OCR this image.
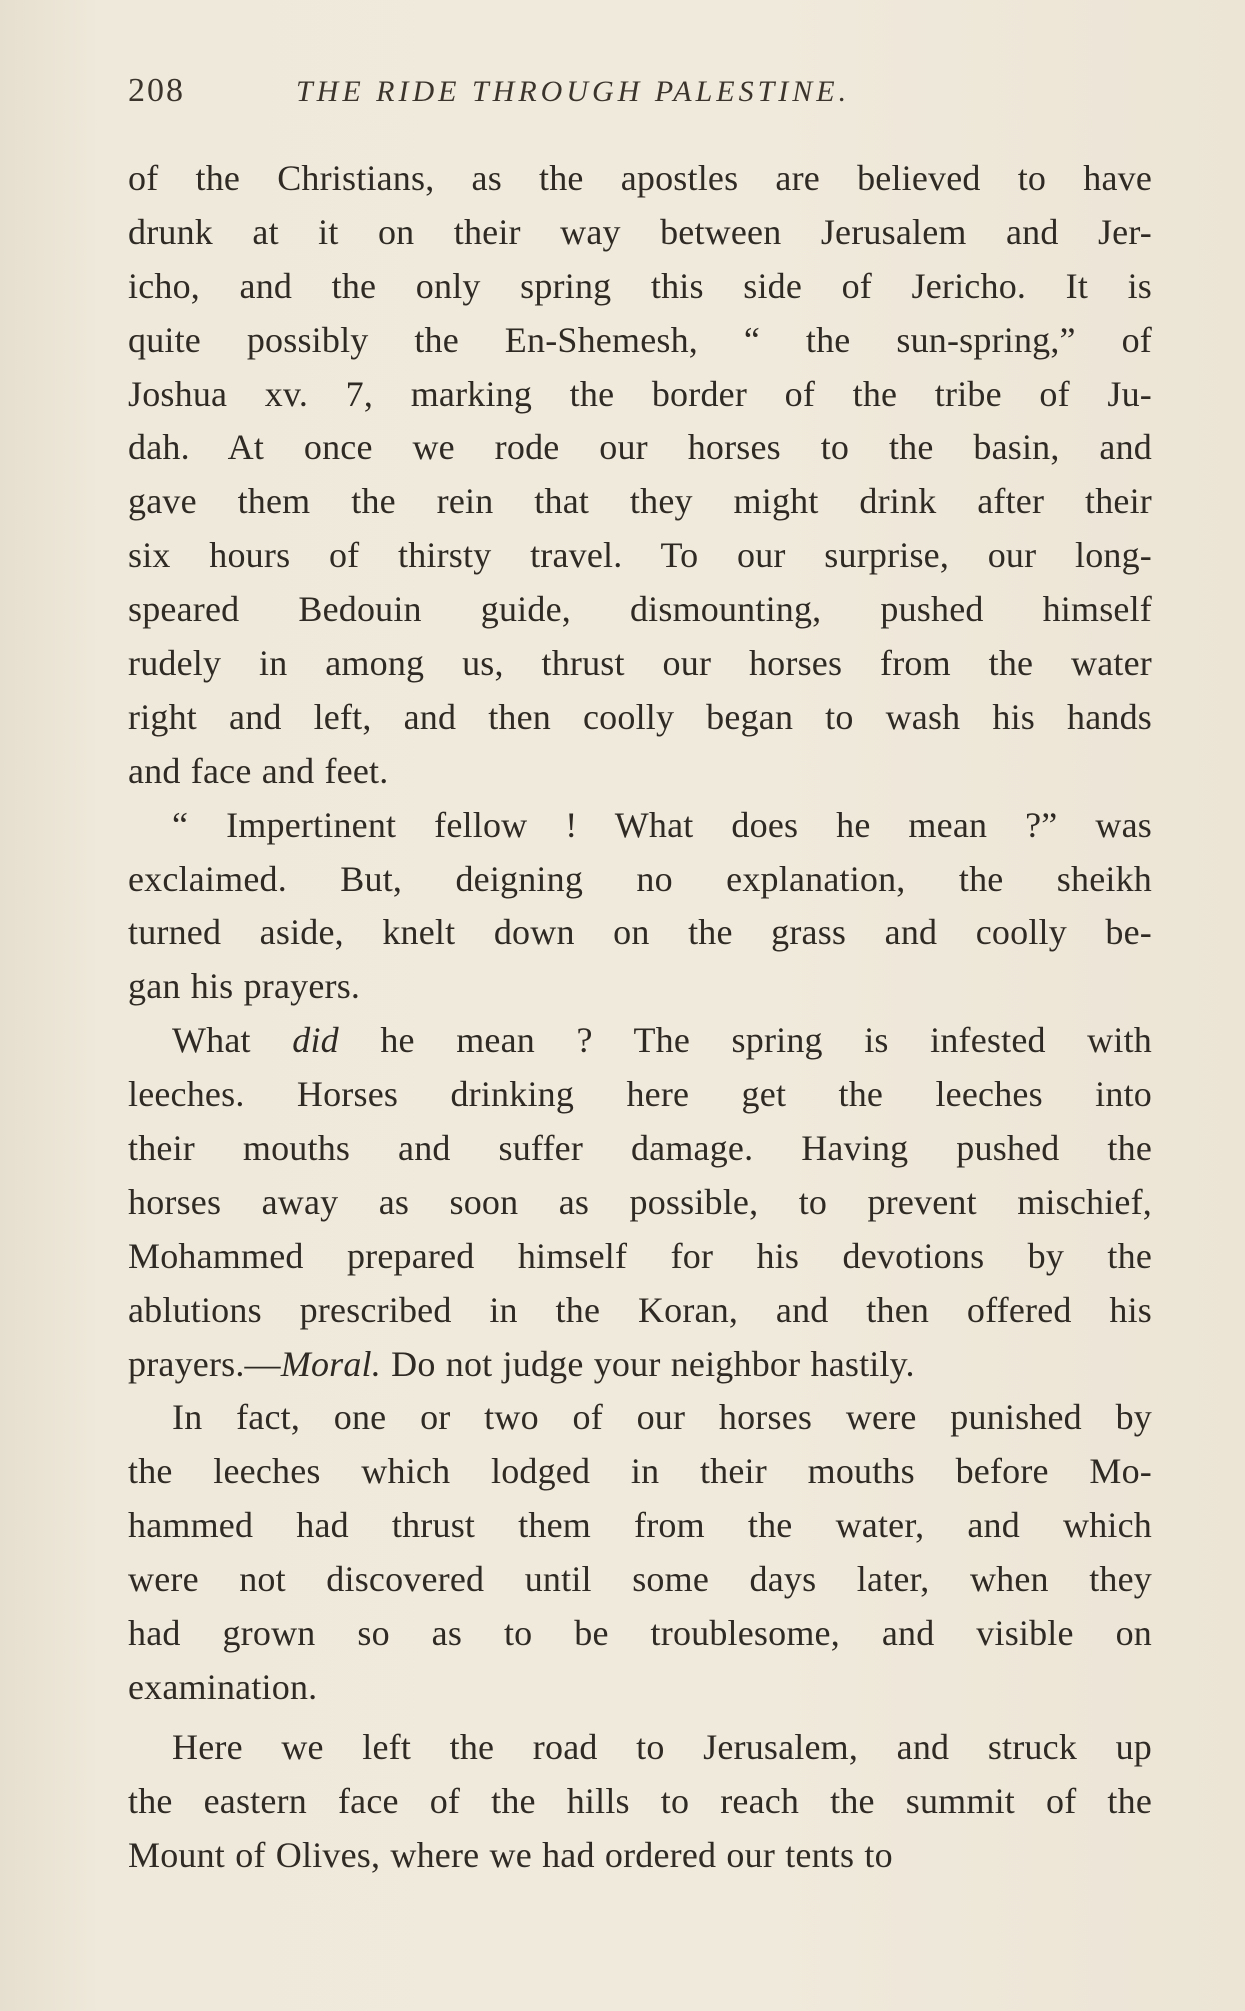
208	THE RIDE THROUGH PALESTINE.
of the Christians, as the apostles are believed to have
drunk at it on their way between Jerusalem and Jer-
icho, and the only spring this side of Jericho. It is
quite possibly the En-Shemesh, “ the sun-spring,” of
Joshua xv. 7, marking the border of the tribe of Ju-
dah. At once we rode our horses to the basin, and
gave them the rein that they might drink after their
six hours of thirsty travel. To our surprise, our long-
speared Bedouin guide, dismounting, pushed himself
rudely in among us, thrust our horses from the water
right and left, and then coolly began to wash his hands
and face and feet.
“ Impertinent fellow ! What does he mean ?” was
exclaimed. But, deigning no explanation, the sheikh
turned aside, knelt down on the grass and coolly be-
gan his prayers.
What did he mean ? The spring is infested with
leeches. Horses drinking here get the leeches into
their mouths and suffer damage. Having pushed the
horses away as soon as possible, to prevent mischief,
Mohammed prepared himself for his devotions by the
ablutions prescribed in the Koran, and then offered his
prayers.—Moral. Do not judge your neighbor hastily.
In fact, one or two of our horses were punished by
the leeches which lodged in their mouths before Mo-
hammed had thrust them from the water, and which
were not discovered until some days later, when they
had grown so as to be troublesome, and visible on
examination.
Here we left the road to Jerusalem, and struck up
the eastern face of the hills to reach the summit of the
Mount of Olives, where we had ordered our tents to
